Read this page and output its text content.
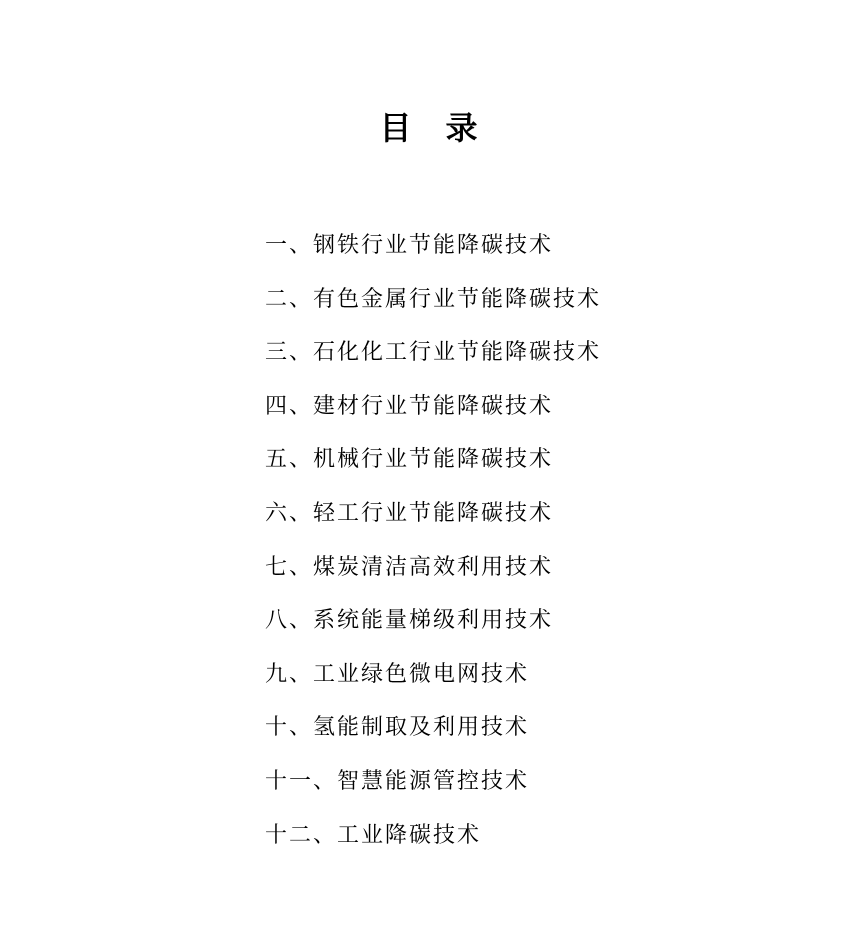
目 录
一、钢铁行业节能降碳技术
二、有色金属行业节能降碳技术
三、石化化工行业节能降碳技术
四、建材行业节能降碳技术
五、机械行业节能降碳技术
六、轻工行业节能降碳技术
七、煤炭清洁高效利用技术
八、系统能量梯级利用技术
九、工业绿色微电网技术
十、氢能制取及利用技术
十一、智慧能源管控技术
十二、工业降碳技术
